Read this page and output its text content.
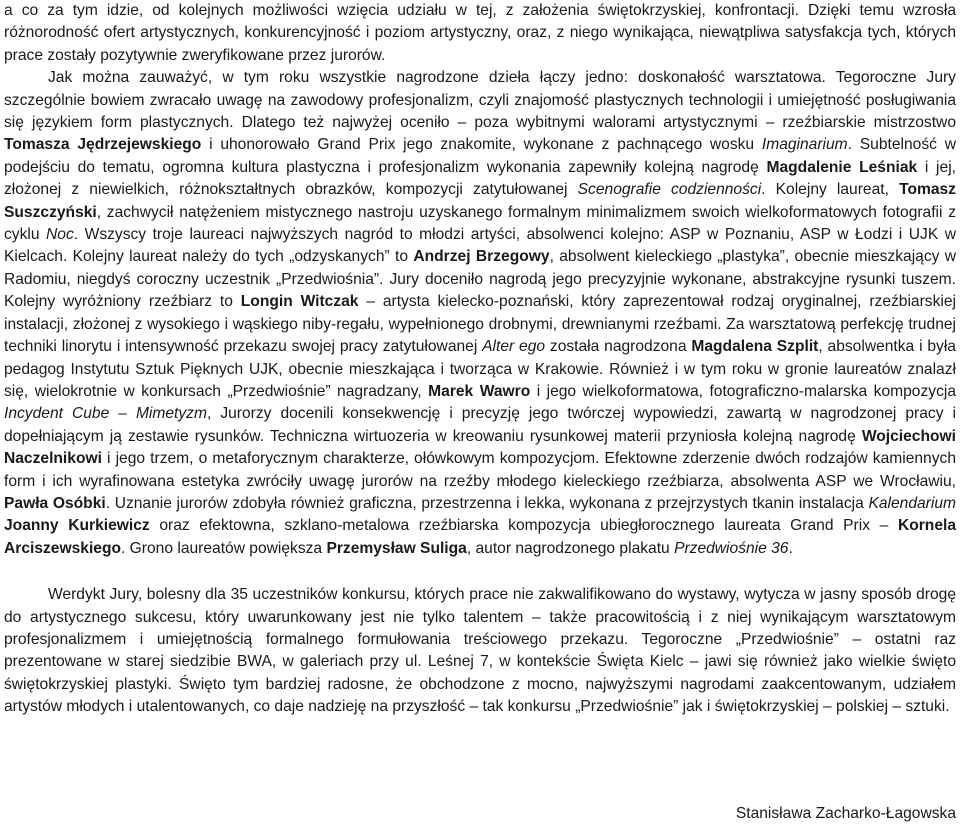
a co za tym idzie, od kolejnych możliwości wzięcia udziału w tej, z założenia świętokrzyskiej, konfrontacji. Dzięki temu wzrosła różnorodność ofert artystycznych, konkurencyjność i poziom artystyczny, oraz, z niego wynikająca, niewątpliwa satysfakcja tych, których prace zostały pozytywnie zweryfikowane przez jurorów.
Jak można zauważyć, w tym roku wszystkie nagrodzone dzieła łączy jedno: doskonałość warsztatowa. Tegoroczne Jury szczególnie bowiem zwracało uwagę na zawodowy profesjonalizm, czyli znajomość plastycznych technologii i umiejętność posługiwania się językiem form plastycznych. Dlatego też najwyżej oceniło – poza wybitnymi walorami artystycznymi – rzeźbiarskie mistrzostwo Tomasza Jędrzejewskiego i uhonorowało Grand Prix jego znakomite, wykonane z pachnącego wosku Imaginarium. Subtelność w podejściu do tematu, ogromna kultura plastyczna i profesjonalizm wykonania zapewniły kolejną nagrodę Magdalenie Leśniak i jej, złożonej z niewielkich, różnokształtnych obrazków, kompozycji zatytułowanej Scenografie codzienności. Kolejny laureat, Tomasz Suszczyński, zachwycił natężeniem mistycznego nastroju uzyskanego formalnym minimalizmem swoich wielkoformatowych fotografii z cyklu Noc. Wszyscy troje laureaci najwyższych nagród to młodzi artyści, absolwenci kolejno: ASP w Poznaniu, ASP w Łodzi i UJK w Kielcach. Kolejny laureat należy do tych „odzyskanych” to Andrzej Brzegowy, absolwent kieleckiego „plastyka”, obecnie mieszkający w Radomiu, niegdyś coroczny uczestnik „Przedwiośnia”. Jury doceniło nagrodą jego precyzyjnie wykonane, abstrakcyjne rysunki tuszem. Kolejny wyróżniony rzeźbiarz to Longin Witczak – artysta kielecko-poznański, który zaprezentował rodzaj oryginalnej, rzeźbiarskiej instalacji, złożonej z wysokiego i wąskiego niby-regału, wypełnionego drobnymi, drewnianymi rzeźbami. Za warsztatową perfekcję trudnej techniki linorytu i intensywność przekazu swojej pracy zatytułowanej Alter ego została nagrodzona Magdalena Szplit, absolwentka i była pedagog Instytutu Sztuk Pięknych UJK, obecnie mieszkająca i tworząca w Krakowie. Również i w tym roku w gronie laureatów znalazł się, wielokrotnie w konkursach „Przedwiośnie” nagradzany, Marek Wawro i jego wielkoformatowa, fotograficzno-malarska kompozycja Incydent Cube – Mimetyzm, Jurorzy docenili konsekwencję i precyzję jego twórczej wypowiedzi, zawartą w nagrodzonej pracy i dopełniającym ją zestawie rysunków. Techniczna wirtuozeria w kreowaniu rysunkowej materii przyniosła kolejną nagrodę Wojciechowi Naczelnikowi i jego trzem, o metaforycznym charakterze, ołówkowym kompozycjom. Efektowne zderzenie dwóch rodzajów kamiennych form i ich wyrafinowana estetyka zwróciły uwagę jurorów na rzeźby młodego kieleckiego rzeźbiarza, absolwenta ASP we Wrocławiu, Pawła Osóbki. Uznanie jurorów zdobyła również graficzna, przestrzenna i lekka, wykonana z przejrzystych tkanin instalacja Kalendarium Joanny Kurkiewicz oraz efektowna, szklano-metalowa rzeźbiarska kompozycja ubiegłorocznego laureata Grand Prix – Kornela Arciszewskiego. Grono laureatów powiększa Przemysław Suliga, autor nagrodzonego plakatu Przedwiośnie 36.

Werdykt Jury, bolesny dla 35 uczestników konkursu, których prace nie zakwalifikowano do wystawy, wytycza w jasny sposób drogę do artystycznego sukcesu, który uwarunkowany jest nie tylko talentem – także pracowitością i z niej wynikającym warsztatowym profesjonalizmem i umiejętnością formalnego formułowania treściowego przekazu. Tegoroczne „Przedwiośnie” – ostatni raz prezentowane w starej siedzibie BWA, w galeriach przy ul. Leśnej 7, w kontekście Święta Kielc – jawi się również jako wielkie święto świętokrzyskiej plastyki. Święto tym bardziej radosne, że obchodzone z mocno, najwyższymi nagrodami zaakcentowanym, udziałem artystów młodych i utalentowanych, co daje nadzieję na przyszłość – tak konkursu „Przedwiośnie” jak i świętokrzyskiej – polskiej – sztuki.

Stanisława Zacharko-Łagowska
